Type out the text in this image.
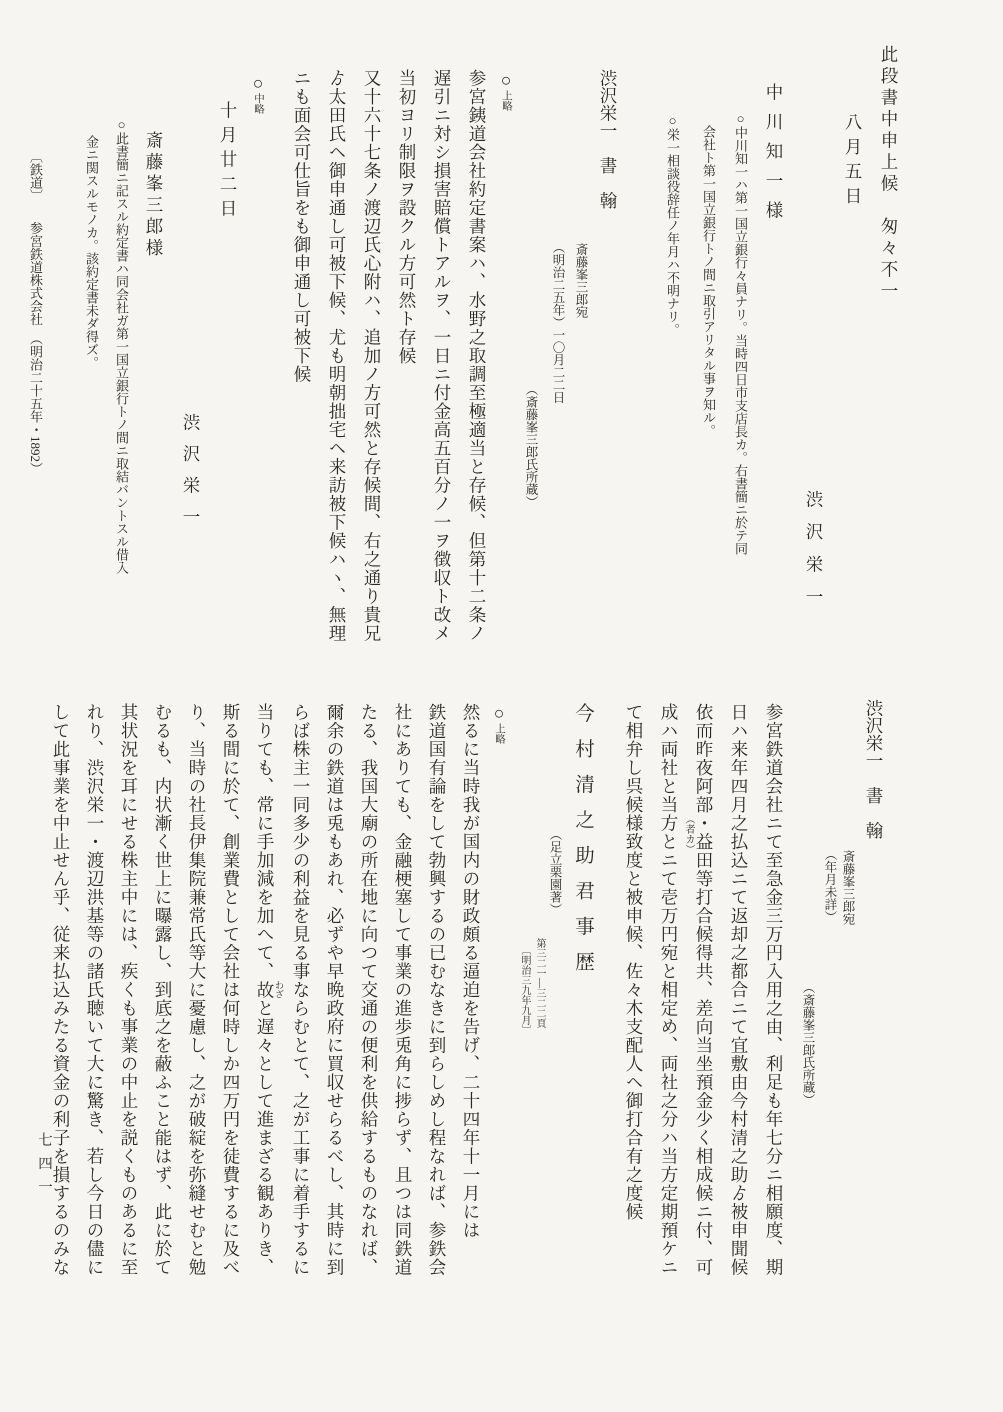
此段書中申上候　匆々不一
八月五日
渋沢栄一
中川知一様
○中川知一ハ第一国立銀行々員ナリ。当時四日市支店長カ。右書簡ニ於テ同
会社ト第一国立銀行トノ間ニ取引アリタル事ヲ知ル。
○栄一相談役辞任ノ年月ハ不明ナリ。
渋沢栄一　書　翰
斎藤峯三郎宛
（明治二五年）一〇月二二日
（斎藤峯三郎氏所蔵）
○上略
参宮銕道会社約定書案ハ、水野之取調至極適当と存候、但第十二条ノ
遅引ニ対シ損害賠償トアルヲ、一日ニ付金高五百分ノ一ヲ徴収ト改メ
当初ヨリ制限ヲ設クル方可然ト存候
又十六十七条ノ渡辺氏心附ハ、追加ノ方可然と存候間、右之通り貴兄
ゟ太田氏ヘ御申通し可被下候、尤も明朝拙宅ヘ来訪被下候ハヽ、無理
ニも面会可仕旨をも御申通し可被下候
○中略
十月廿二日
渋沢栄一
斎藤峯三郎様
○此書簡ニ記スル約定書ハ同会社ガ第一国立銀行トノ間ニ取結バントスル借入
金ニ関スルモノカ。該約定書未ダ得ズ。
〔鉄道〕　　参宮鉄道株式会社　（明治二十五年・1892）
渋沢栄一　書　翰
斎藤峯三郎宛
（年月未詳）
（斎藤峯三郎氏所蔵）
参宮鉄道会社ニて至急金三万円入用之由、利足も年七分ニ相願度、期
日ハ来年四月之払込ニて返却之都合ニて宜敷由今村清之助ゟ被申聞候
依而昨夜阿部
（者カ） ・益田等打合候得共、差向当坐預金少く相成候ニ付、可
成ハ両社と当方とニて壱万円宛と相定め、両社之分ハ当方定期預ケニ
て相弁し呉候様致度と被申候、佐々木支配人ヘ御打合有之度候
今村清之助君事歴
（足立栗園著）
第三二一―三二二頁
〔明治三九年九月〕
○上略
然るに当時我が国内の財政頗る逼迫を告げ、二十四年十一月には
鉄道国有論をして勃興するの已むなきに到らしめし程なれば、参鉄会
社にありても、金融梗塞して事業の進歩兎角に捗らず、且つは同鉄道
たる、我国大廟の所在地に向つて交通の便利を供給するものなれば、
爾余の鉄道は兎もあれ、必ずや早晩政府に買収せらるべし、其時に到
らば株主一同多少の利益を見る事ならむとて、之が工事に着手するに
当りても、常に手加減を加へて、故 わざと遅々として進まざる観ありき、
斯る間に於て、創業費として会社は何時しか四万円を徒費するに及べ
り、当時の社長伊集院兼常氏等大に憂慮し、之が破綻を弥縫せむと勉
むるも、内状漸く世上に曝露し、到底之を蔽ふこと能はず、此に於て
其状況を耳にせる株主中には、疾くも事業の中止を説くものあるに至
れり、渋沢栄一・渡辺洪基等の諸氏聴いて大に驚き、若し今日の儘に
して此事業を中止せん乎、従来払込みたる資金の利子を損するのみな
七四一
